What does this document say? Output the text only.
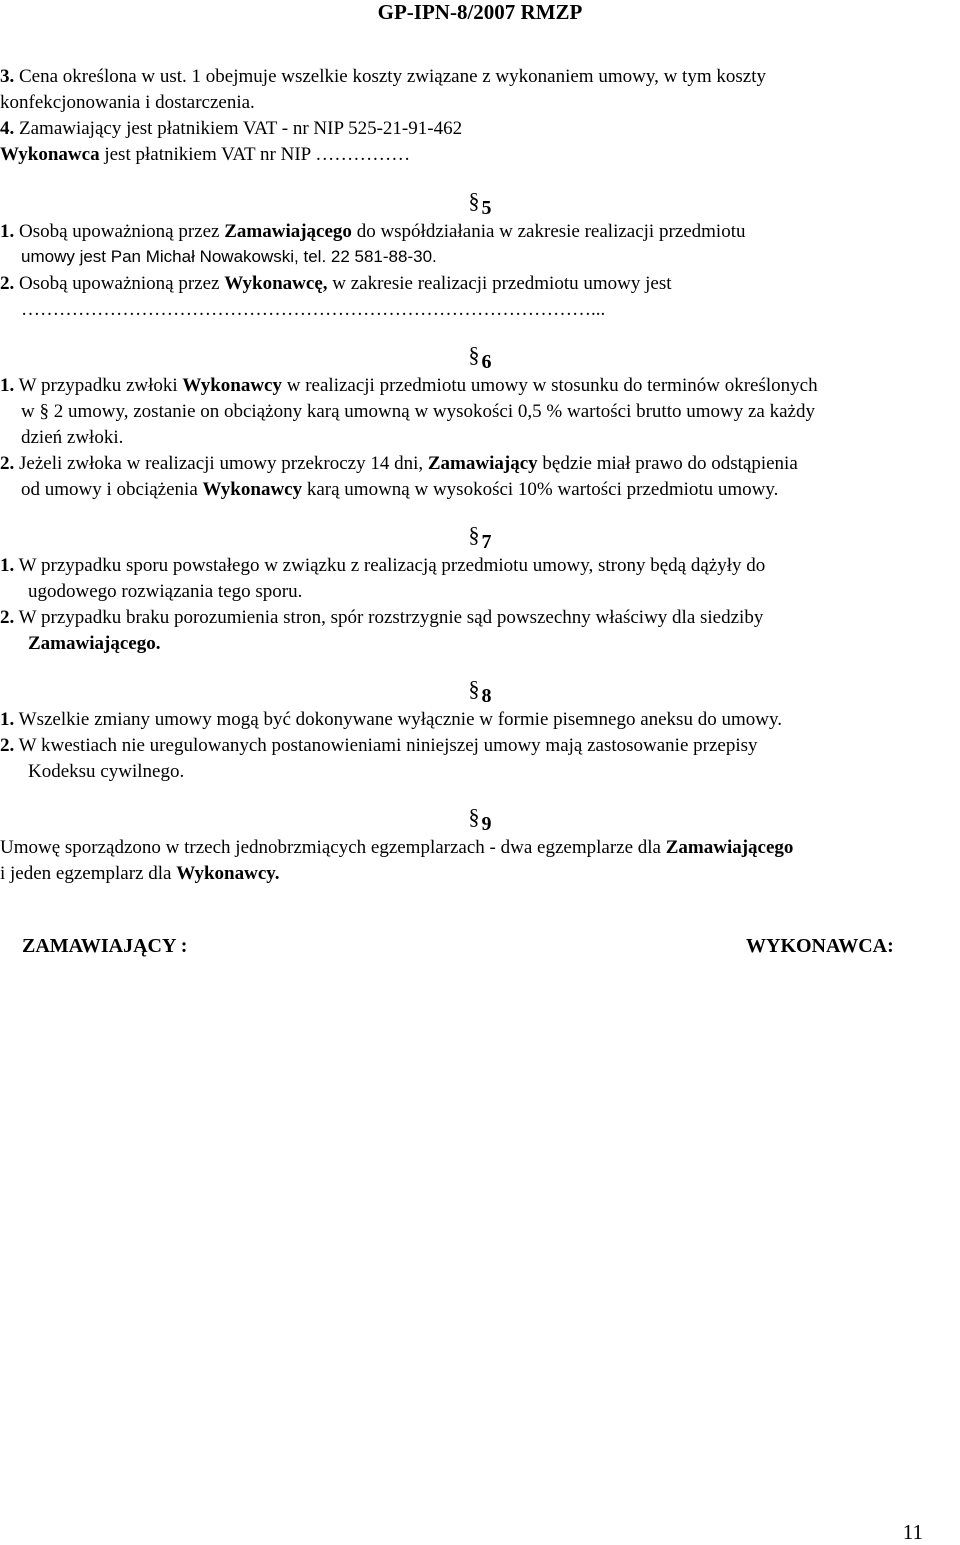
GP-IPN-8/2007 RMZP
3. Cena określona w ust. 1 obejmuje wszelkie koszty związane z wykonaniem umowy, w tym koszty
konfekcjonowania i dostarczenia.
4. Zamawiający jest płatnikiem VAT - nr NIP 525-21-91-462
Wykonawca jest płatnikiem VAT nr NIP ……………
§ 5
1. Osobą upoważnioną przez Zamawiającego do współdziałania w zakresie realizacji przedmiotu
umowy jest Pan Michał Nowakowski, tel. 22 581-88-30.
2. Osobą upoważnioną przez Wykonawcę, w zakresie realizacji przedmiotu umowy jest
………………………………………………………………………………...
§ 6
1. W przypadku zwłoki Wykonawcy w realizacji przedmiotu umowy w stosunku do terminów określonych
w § 2 umowy, zostanie on obciążony karą umowną w wysokości 0,5 % wartości brutto umowy za każdy
dzień zwłoki.
2. Jeżeli zwłoka w realizacji umowy przekroczy 14 dni, Zamawiający będzie miał prawo do odstąpienia
od umowy i obciążenia Wykonawcy karą umowną w wysokości 10% wartości przedmiotu umowy.
§ 7
1. W przypadku sporu powstałego w związku z realizacją przedmiotu umowy, strony będą dążyły do
ugodowego rozwiązania tego sporu.
2. W przypadku braku porozumienia stron, spór rozstrzygnie sąd powszechny właściwy dla siedziby
Zamawiającego.
§ 8
1. Wszelkie zmiany umowy mogą być dokonywane wyłącznie w formie pisemnego aneksu do umowy.
2. W kwestiach nie uregulowanych postanowieniami niniejszej umowy mają zastosowanie przepisy
Kodeksu cywilnego.
§ 9
Umowę sporządzono w trzech jednobrzmiących egzemplarzach - dwa egzemplarze dla Zamawiającego
i jeden egzemplarz dla Wykonawcy.
ZAMAWIAJĄCY :	WYKONAWCA:
11
